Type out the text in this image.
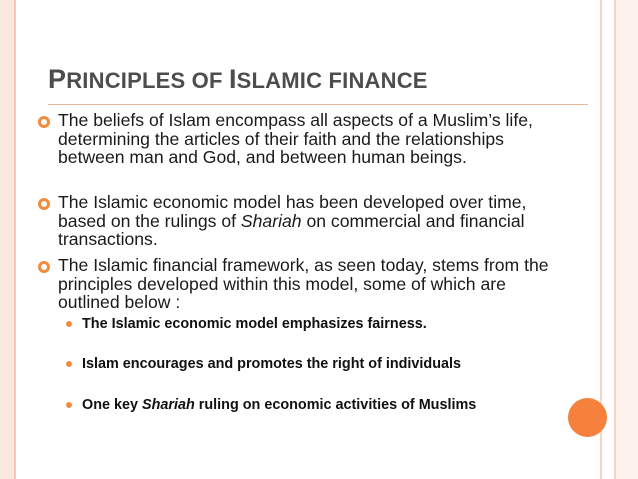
PRINCIPLES OF ISLAMIC FINANCE
The beliefs of Islam encompass all aspects of a Muslim’s life, determining the articles of their faith and the relationships between man and God, and between human beings.
The Islamic economic model has been developed over time, based on the rulings of Shariah on commercial and financial transactions.
The Islamic financial framework, as seen today, stems from the principles developed within this model, some of which are outlined below :
The Islamic economic model emphasizes fairness.
Islam encourages and promotes the right of individuals
One key Shariah ruling on economic activities of Muslims
